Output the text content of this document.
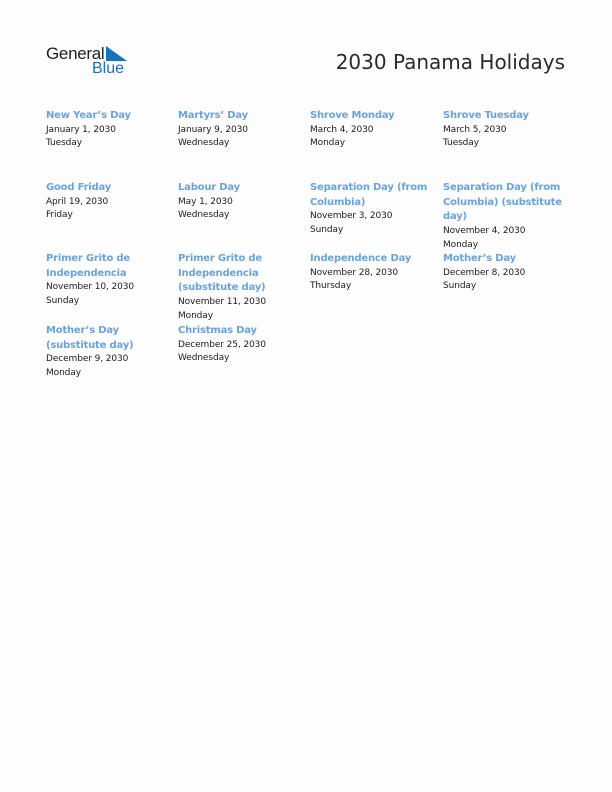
General
Blue	2030 Panama Holidays
New Year’s Day
January 1, 2030
Tuesday
Martyrs’ Day
January 9, 2030
Wednesday
Shrove Monday
March 4, 2030
Monday
Shrove Tuesday
March 5, 2030
Tuesday
Good Friday
April 19, 2030
Friday
Labour Day
May 1, 2030
Wednesday
Separation Day (from Columbia)
November 3, 2030
Sunday
Separation Day (from Columbia) (substitute day)
November 4, 2030
Monday
Primer Grito de Independencia
November 10, 2030
Sunday
Primer Grito de Independencia (substitute day)
November 11, 2030
Monday
Independence Day
November 28, 2030
Thursday
Mother’s Day
December 8, 2030
Sunday
Mother’s Day (substitute day)
December 9, 2030
Monday
Christmas Day
December 25, 2030
Wednesday
